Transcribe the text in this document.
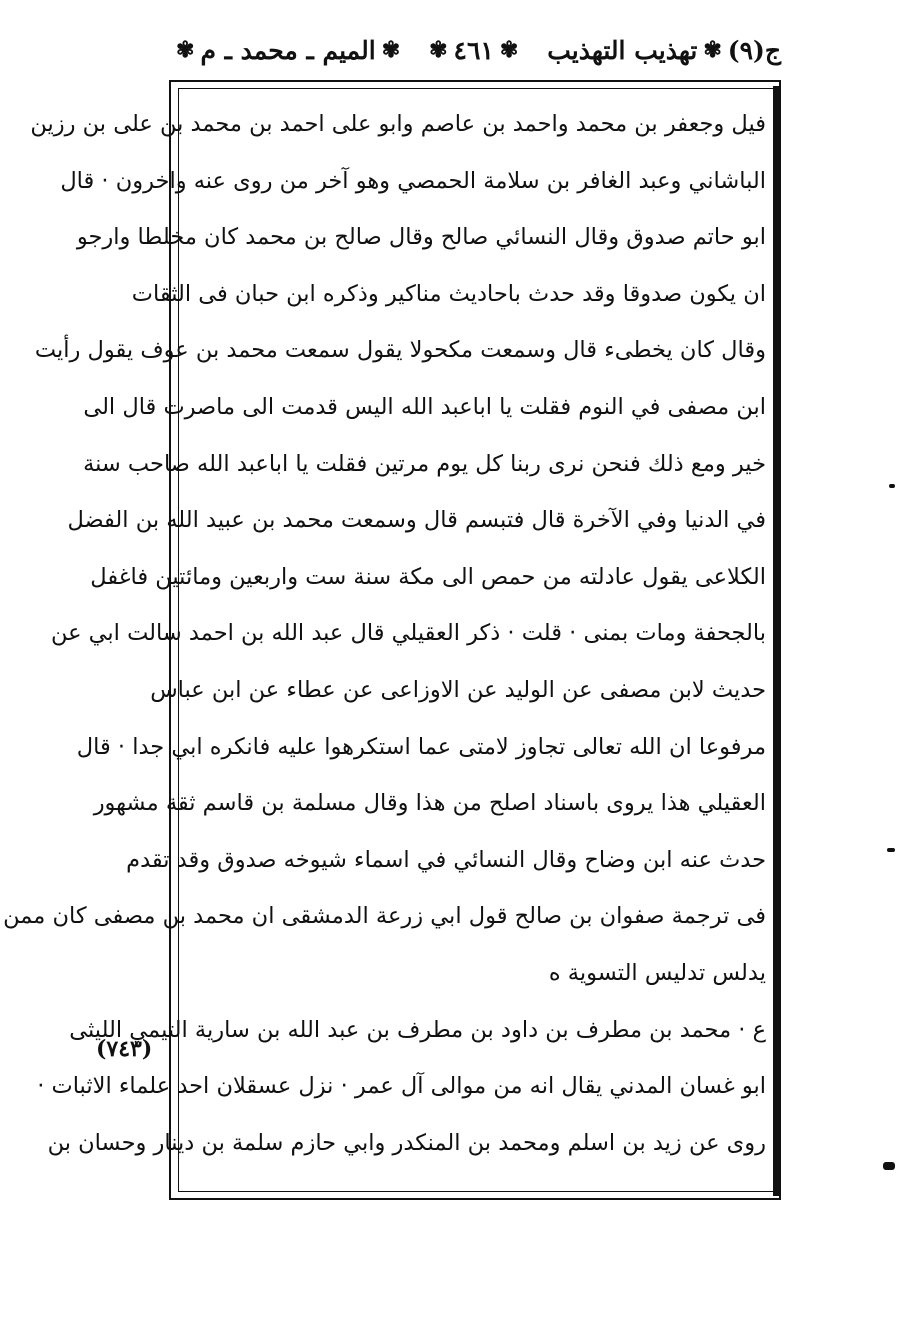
ج(٩)
✾
تهذيب التهذيب
✾
٤٦١
✾
✾
الميم ـ محمد ـ م
✾
فيل وجعفر بن محمد واحمد بن عاصم وابو على احمد بن محمد بن على بن رزين
الباشاني وعبد الغافر بن سلامة الحمصي وهو آخر من روى عنه واخرون · قال
ابو حاتم صدوق وقال النسائي صالح وقال صالح بن محمد كان مخلطا وارجو
ان يكون صدوقا وقد حدث باحاديث مناكير وذكره ابن حبان فى الثقات
وقال كان يخطىء قال وسمعت مكحولا يقول سمعت محمد بن عوف يقول رأيت
ابن مصفى في النوم فقلت يا اباعبد الله اليس قدمت الى ماصرت قال الى
خير ومع ذلك فنحن نرى ربنا كل يوم مرتين فقلت يا اباعبد الله صاحب سنة
في الدنيا وفي الآخرة قال فتبسم قال وسمعت محمد بن عبيد الله بن الفضل
الكلاعى يقول عادلته من حمص الى مكة سنة ست واربعين ومائتين فاغفل
بالجحفة ومات بمنى · قلت · ذكر العقيلي قال عبد الله بن احمد سالت ابي عن
حديث لابن مصفى عن الوليد عن الاوزاعى عن عطاء عن ابن عباس
مرفوعا ان الله تعالى تجاوز لامتى عما استكرهوا عليه فانكره ابي جدا · قال
العقيلي هذا يروى باسناد اصلح من هذا وقال مسلمة بن قاسم ثقة مشهور
حدث عنه ابن وضاح وقال النسائي في اسماء شيوخه صدوق وقد تقدم
فى ترجمة صفوان بن صالح قول ابي زرعة الدمشقى ان محمد بن مصفى كان ممن
يدلس تدليس التسوية ه
ع · محمد بن مطرف بن داود بن مطرف بن عبد الله بن سارية التيمي الليثى
ابو غسان المدني يقال انه من موالى آل عمر · نزل عسقلان احد علماء الاثبات ·
روى عن زيد بن اسلم ومحمد بن المنكدر وابي حازم سلمة بن دينار وحسان بن
(٧٤٣)
